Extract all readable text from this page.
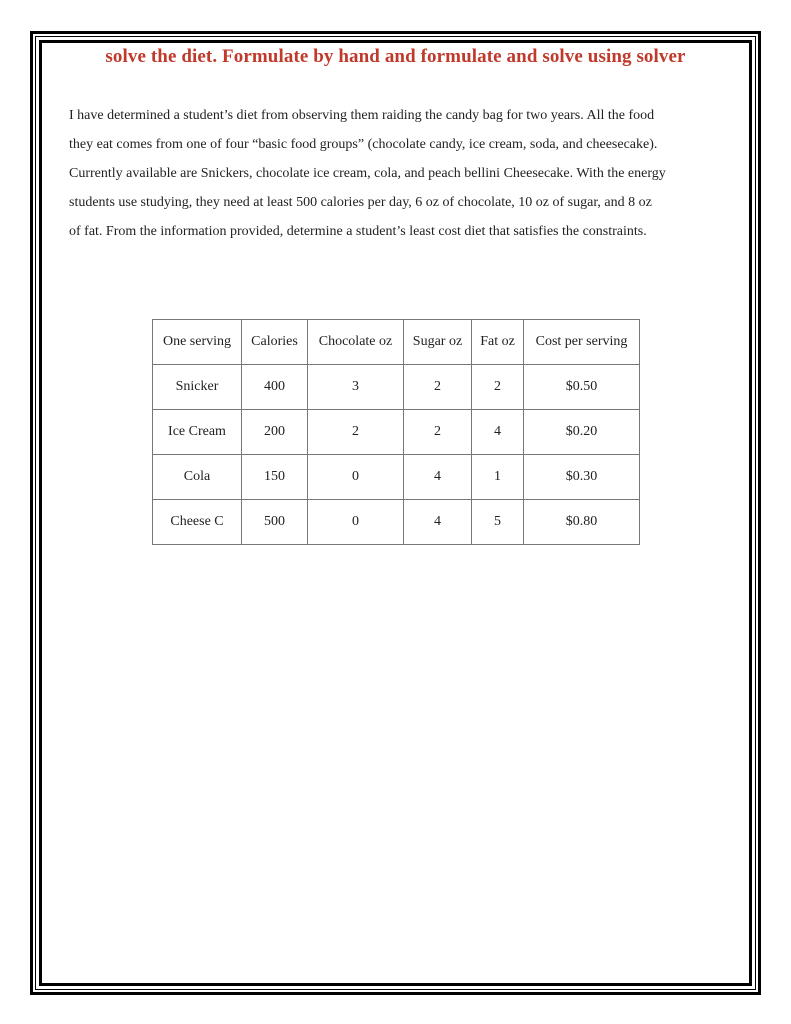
solve the diet. Formulate by hand and formulate and solve using solver

I have determined a student’s diet from observing them raiding the candy bag for two years. All the food

they eat comes from one of four “basic food groups” (chocolate candy, ice cream, soda, and cheesecake).

Currently available are Snickers, chocolate ice cream, cola, and peach bellini Cheesecake. With the energy

students use studying, they need at least 500 calories per day, 6 oz of chocolate, 10 oz of sugar, and 8 oz

of fat. From the information provided, determine a student’s least cost diet that satisfies the constraints.

One serving	Calories	Chocolate oz	Sugar oz	Fat oz	Cost per serving
Snicker	400	3	2	2	$0.50
Ice Cream	200	2	2	4	$0.20
Cola	150	0	4	1	$0.30
Cheese C	500	0	4	5	$0.80
